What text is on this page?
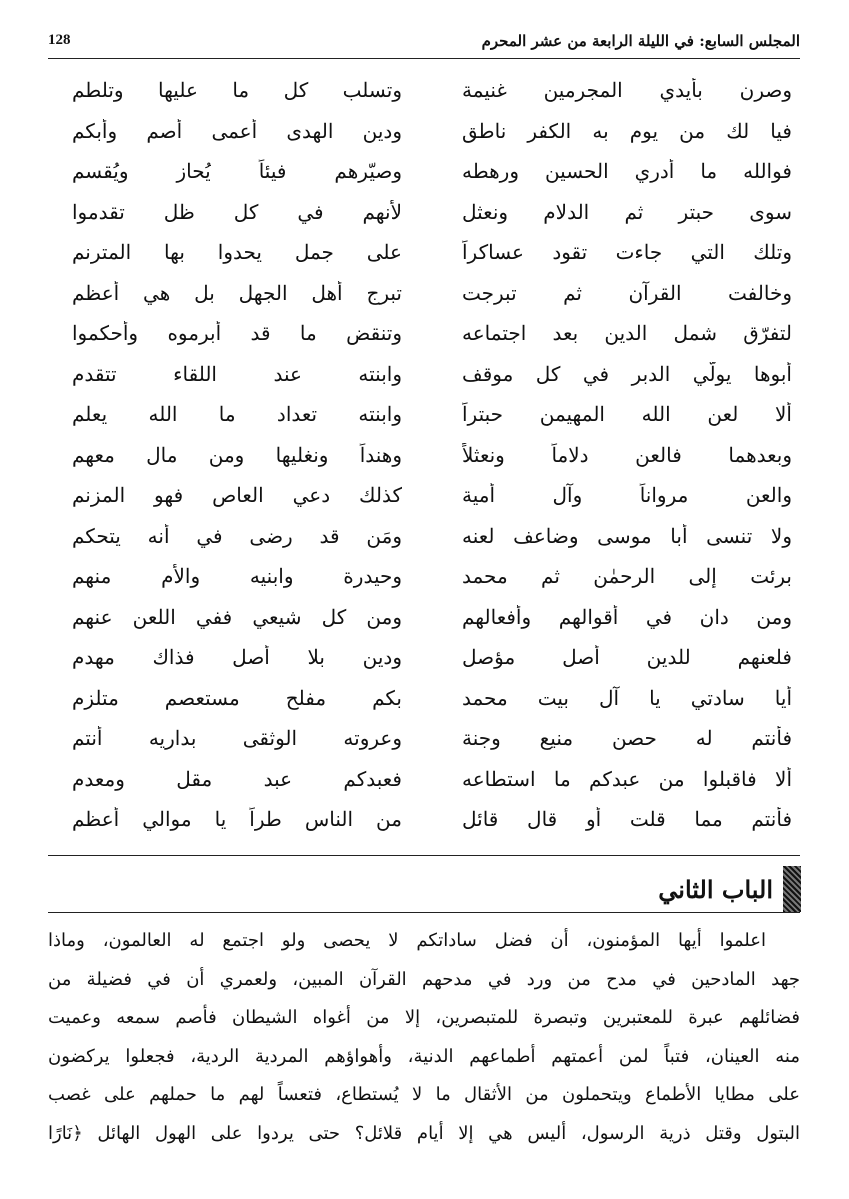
المجلس السابع: في الليلة الرابعة من عشر المحرم
128
وصرن بأيدي المجرمين غنيمة
وتسلب كل ما عليها وتلطم
فيا لك من يوم به الكفر ناطق
ودين الهدى أعمى أصم وأبكم
فوالله ما أدري الحسين ورهطه
وصيّرهم فيئاً يُحاز ويُقسم
سوى حبتر ثم الدلام ونعثل
لأنهم في كل ظل تقدموا
وتلك التي جاءت تقود عساكراً
على جمل يحدوا بها المترنم
وخالفت القرآن ثم تبرجت
تبرج أهل الجهل بل هي أعظم
لتفرّق شمل الدين بعد اجتماعه
وتنقض ما قد أبرموه وأحكموا
أبوها يولّي الدبر في كل موقف
وابنته عند اللقاء تتقدم
ألا لعن الله المهيمن حبتراً
وابنته تعداد ما الله يعلم
وبعدهما فالعن دلاماً ونعثلاً
وهنداً ونغليها ومن مال معهم
والعن مرواناً وآل أمية
كذلك دعي العاص فهو المزنم
ولا تنسى أبا موسى وضاعف لعنه
ومَن قد رضى في أنه يتحكم
برئت إلى الرحمٰن ثم محمد
وحيدرة وابنيه والأم منهم
ومن دان في أقوالهم وأفعالهم
ومن كل شيعي ففي اللعن عنهم
فلعنهم للدين أصل مؤصل
ودين بلا أصل فذاك مهدم
أيا سادتي يا آل بيت محمد
بكم مفلح مستعصم متلزم
فأنتم له حصن منيع وجنة
وعروته الوثقى بداريه أنتم
ألا فاقبلوا من عبدكم ما استطاعه
فعبدكم عبد مقل ومعدم
فأنتم مما قلت أو قال قائل
من الناس طراً يا موالي أعظم
الباب الثاني
اعلموا أيها المؤمنون، أن فضل ساداتكم لا يحصى ولو اجتمع له العالمون، وماذا
جهد المادحين في مدح من ورد في مدحهم القرآن المبين، ولعمري أن في فضيلة من
فضائلهم عبرة للمعتبرين وتبصرة للمتبصرين، إلا من أغواه الشيطان فأصم سمعه وعميت
منه العينان، فتباً لمن أعمتهم أطماعهم الدنية، وأهواؤهم المردية الردية، فجعلوا يركضون
على مطايا الأطماع ويتحملون من الأثقال ما لا يُستطاع، فتعساً لهم ما حملهم على غصب
البتول وقتل ذرية الرسول، أليس هي إلا أيام قلائل؟ حتى يردوا على الهول الهائل ﴿نَارًا
